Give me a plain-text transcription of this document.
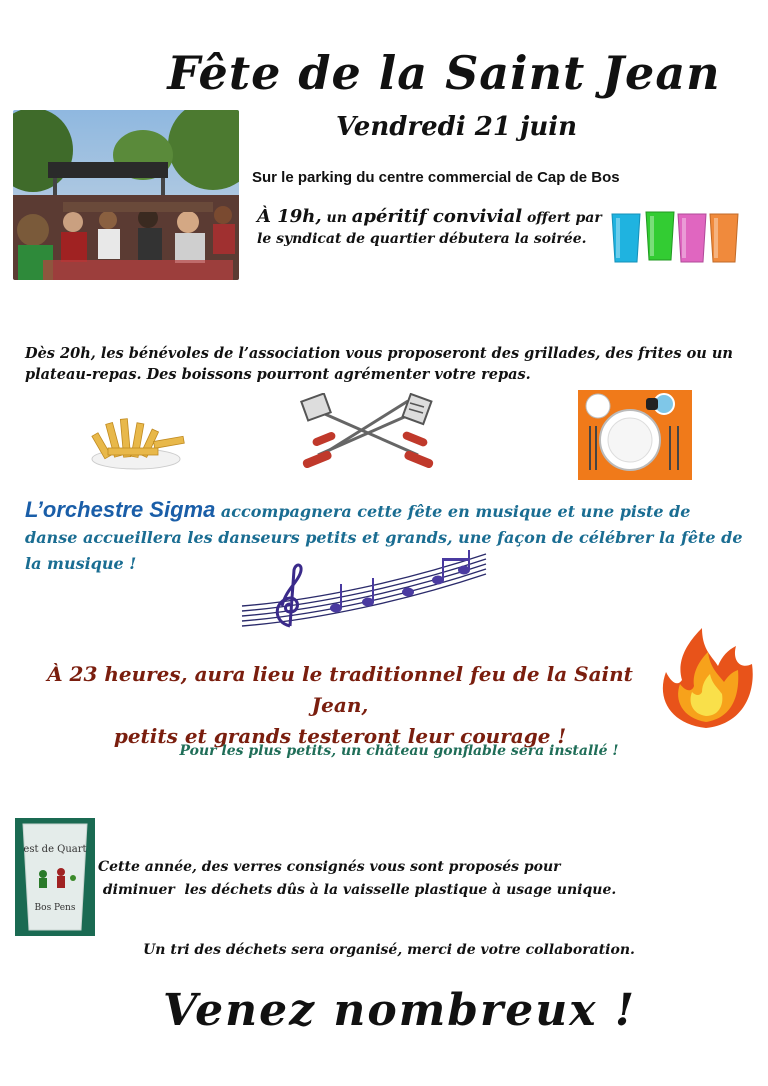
Fête de la Saint Jean
Vendredi 21 juin
Sur le parking du centre commercial de Cap de Bos
À 19h, un apéritif convivial offert par le syndicat de quartier débutera la soirée.
Dès 20h, les bénévoles de l’association vous proposeront des grillades, des frites ou un plateau-repas. Des boissons pourront agrémenter votre repas.
L’orchestre Sigma accompagnera cette fête en musique et une piste de danse accueillera les danseurs petits et grands, une façon de célébrer la fête de la musique !
À 23 heures, aura lieu le traditionnel feu de la Saint Jean,
petits et grands testeront leur courage !
Pour les plus petits, un château gonflable sera installé !
est de Quart
Bos Pens
Cette année, des verres consignés vous sont proposés pour
diminuer  les déchets dûs à la vaisselle plastique à usage unique.
Un tri des déchets sera organisé, merci de votre collaboration.
Venez nombreux !
